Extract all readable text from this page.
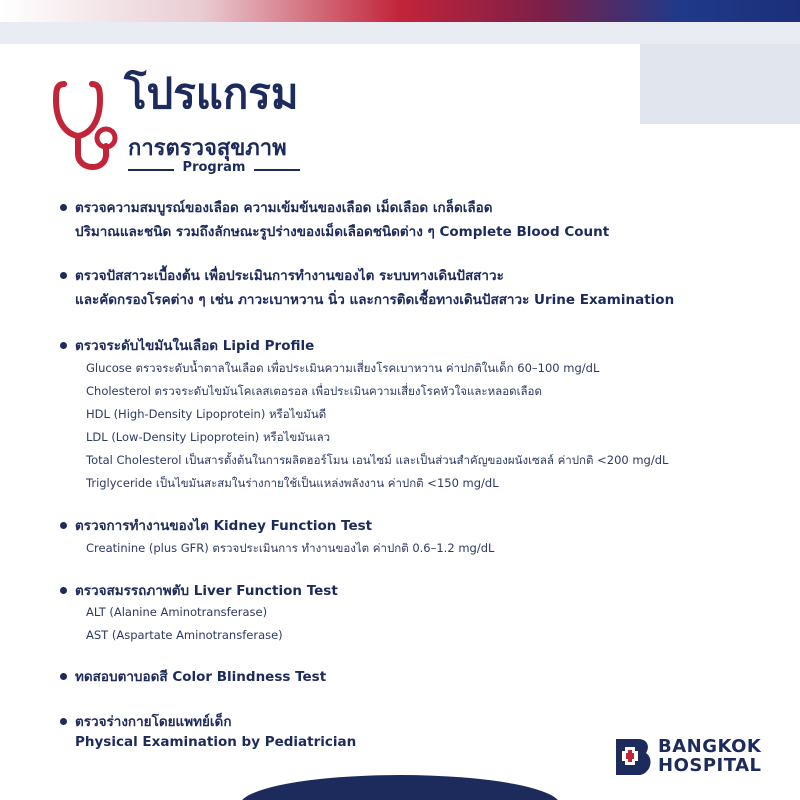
โปรแกรม
การตรวจสุขภาพ
Program
ตรวจความสมบูรณ์ของเลือด ความเข้มข้นของเลือด เม็ดเลือด เกล็ดเลือด
ปริมาณและชนิด รวมถึงลักษณะรูปร่างของเม็ดเลือดชนิดต่าง ๆ Complete Blood Count
ตรวจปัสสาวะเบื้องต้น เพื่อประเมินการทำงานของไต ระบบทางเดินปัสสาวะ
และคัดกรองโรคต่าง ๆ เช่น ภาวะเบาหวาน นิ่ว และการติดเชื้อทางเดินปัสสาวะ Urine Examination
ตรวจระดับไขมันในเลือด Lipid Profile
Glucose ตรวจระดับน้ำตาลในเลือด เพื่อประเมินความเสี่ยงโรคเบาหวาน ค่าปกติในเด็ก 60–100 mg/dL
Cholesterol ตรวจระดับไขมันโคเลสเตอรอล เพื่อประเมินความเสี่ยงโรคหัวใจและหลอดเลือด
HDL (High-Density Lipoprotein) หรือไขมันดี
LDL (Low-Density Lipoprotein) หรือไขมันเลว
Total Cholesterol เป็นสารตั้งต้นในการผลิตฮอร์โมน เอนไซม์ และเป็นส่วนสำคัญของผนังเซลล์ ค่าปกติ <200 mg/dL
Triglyceride เป็นไขมันสะสมในร่างกายใช้เป็นแหล่งพลังงาน ค่าปกติ <150 mg/dL
ตรวจการทำงานของไต Kidney Function Test
Creatinine (plus GFR) ตรวจประเมินการ ทำงานของไต ค่าปกติ 0.6–1.2 mg/dL
ตรวจสมรรถภาพตับ Liver Function Test
ALT (Alanine Aminotransferase)
AST (Aspartate Aminotransferase)
ทดสอบตาบอดสี Color Blindness Test
ตรวจร่างกายโดยแพทย์เด็ก
Physical Examination by Pediatrician	BANGKOK
HOSPITAL
